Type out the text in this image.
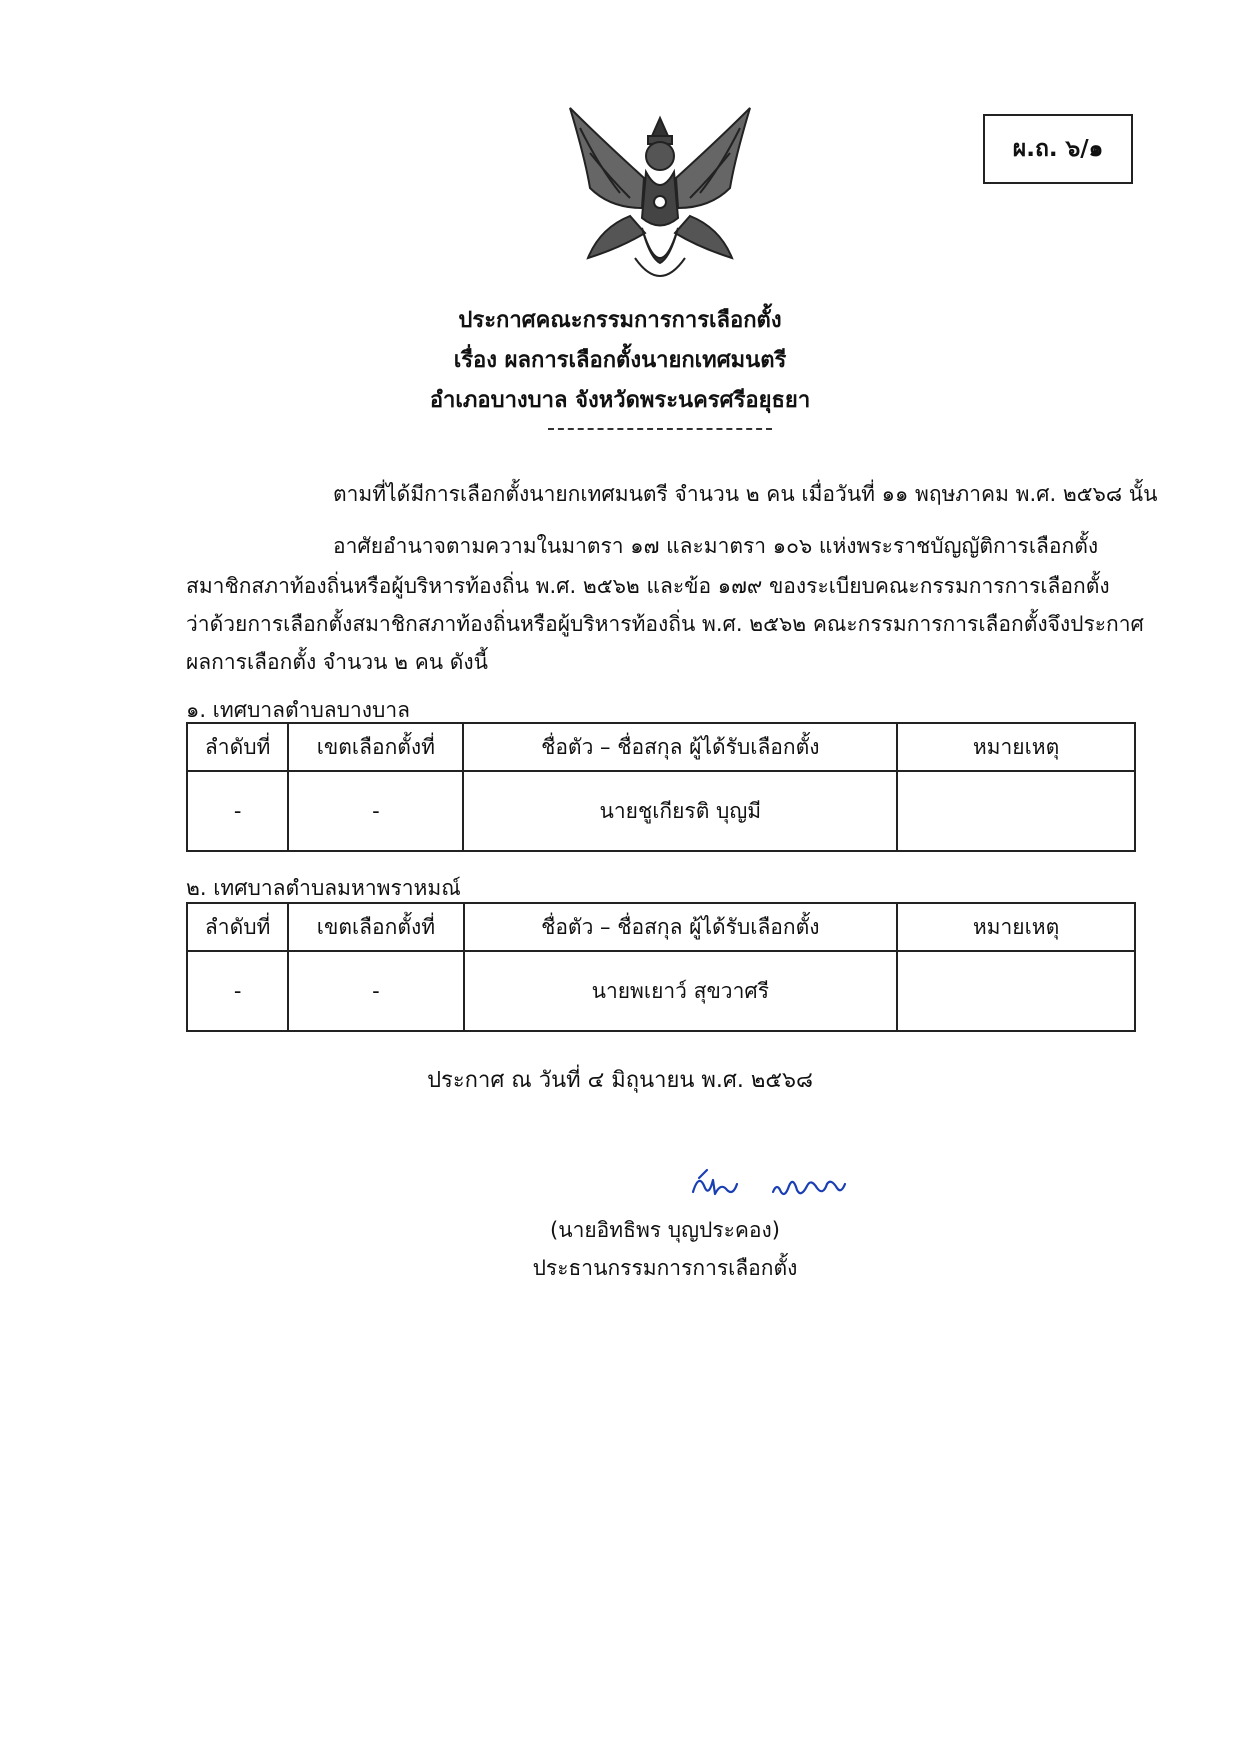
ผ.ถ. ๖/๑
ประกาศคณะกรรมการการเลือกตั้ง
เรื่อง ผลการเลือกตั้งนายกเทศมนตรี
อำเภอบางบาล จังหวัดพระนครศรีอยุธยา
ตามที่ได้มีการเลือกตั้งนายกเทศมนตรี จำนวน ๒ คน เมื่อวันที่ ๑๑ พฤษภาคม พ.ศ. ๒๕๖๘ นั้น
อาศัยอำนาจตามความในมาตรา ๑๗ และมาตรา ๑๐๖ แห่งพระราชบัญญัติการเลือกตั้ง
สมาชิกสภาท้องถิ่นหรือผู้บริหารท้องถิ่น พ.ศ. ๒๕๖๒ และข้อ ๑๗๙ ของระเบียบคณะกรรมการการเลือกตั้ง
ว่าด้วยการเลือกตั้งสมาชิกสภาท้องถิ่นหรือผู้บริหารท้องถิ่น พ.ศ. ๒๕๖๒ คณะกรรมการการเลือกตั้งจึงประกาศ
ผลการเลือกตั้ง จำนวน ๒ คน ดังนี้
๑. เทศบาลตำบลบางบาล
ลำดับที่	เขตเลือกตั้งที่	ชื่อตัว – ชื่อสกุล ผู้ได้รับเลือกตั้ง	หมายเหตุ
-	-	นายชูเกียรติ บุญมี	
๒. เทศบาลตำบลมหาพราหมณ์
ลำดับที่	เขตเลือกตั้งที่	ชื่อตัว – ชื่อสกุล ผู้ได้รับเลือกตั้ง	หมายเหตุ
-	-	นายพเยาว์ สุขวาศรี	
ประกาศ ณ วันที่ ๔ มิถุนายน พ.ศ. ๒๕๖๘
(นายอิทธิพร บุญประคอง)
ประธานกรรมการการเลือกตั้ง
